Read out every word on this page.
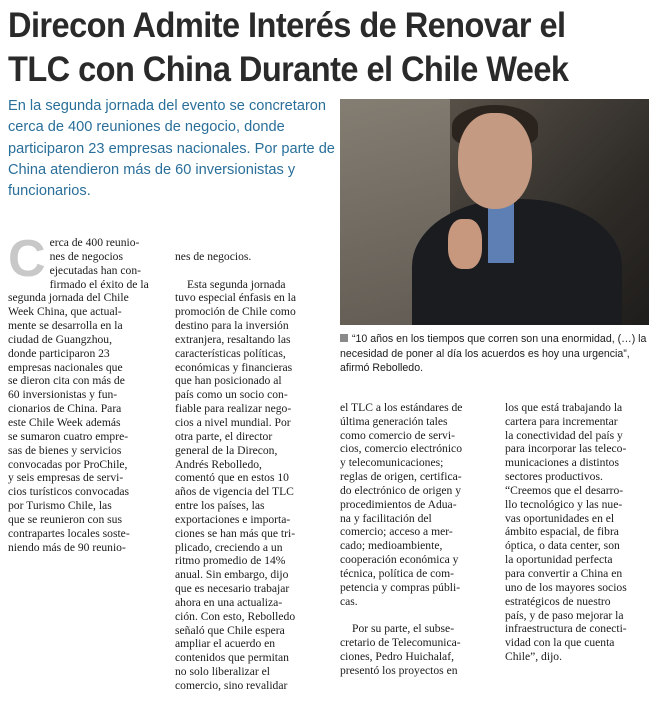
Direcon Admite Interés de Renovar el
TLC con China Durante el Chile Week

En la segunda jornada del evento se concretaron cerca de 400 reuniones de negocio, donde participaron 23 empresas nacionales. Por parte de China atendieron más de 60 inversionistas y funcionarios.

“10 años en los tiempos que corren son una enormidad, (…) la necesidad de poner al día los acuerdos es hoy una urgencia”, afirmó Rebolledo.

C erca de 400 reunio-
nes de negocios
ejecutadas han con-
firmado el éxito de la
segunda jornada del Chile
Week China, que actual-
mente se desarrolla en la
ciudad de Guangzhou,
donde participaron 23
empresas nacionales que
se dieron cita con más de
60 inversionistas y fun-
cionarios de China. Para
este Chile Week además
se sumaron cuatro empre-
sas de bienes y servicios
convocadas por ProChile,
y seis empresas de servi-
cios turísticos convocadas
por Turismo Chile, las
que se reunieron con sus
contrapartes locales soste-
niendo más de 90 reunio-

nes de negocios.

Esta segunda jornada
tuvo especial énfasis en la
promoción de Chile como
destino para la inversión
extranjera, resaltando las
características políticas,
económicas y financieras
que han posicionado al
país como un socio con-
fiable para realizar nego-
cios a nivel mundial. Por
otra parte, el director
general de la Direcon,
Andrés Rebolledo,
comentó que en estos 10
años de vigencia del TLC
entre los países, las
exportaciones e importa-
ciones se han más que tri-
plicado, creciendo a un
ritmo promedio de 14%
anual. Sin embargo, dijo
que es necesario trabajar
ahora en una actualiza-
ción. Con esto, Rebolledo
señaló que Chile espera
ampliar el acuerdo en
contenidos que permitan
no solo liberalizar el
comercio, sino revalidar

el TLC a los estándares de
última generación tales
como comercio de servi-
cios, comercio electrónico
y telecomunicaciones;
reglas de origen, certifica-
do electrónico de origen y
procedimientos de Adua-
na y facilitación del
comercio; acceso a mer-
cado; medioambiente,
cooperación económica y
técnica, política de com-
petencia y compras públi-
cas.

Por su parte, el subse-
cretario de Telecomunica-
ciones, Pedro Huichalaf,
presentó los proyectos en

los que está trabajando la
cartera para incrementar
la conectividad del país y
para incorporar las teleco-
municaciones a distintos
sectores productivos.
“Creemos que el desarro-
llo tecnológico y las nue-
vas oportunidades en el
ámbito espacial, de fibra
óptica, o data center, son
la oportunidad perfecta
para convertir a China en
uno de los mayores socios
estratégicos de nuestro
país, y de paso mejorar la
infraestructura de conecti-
vidad con la que cuenta
Chile”, dijo.
